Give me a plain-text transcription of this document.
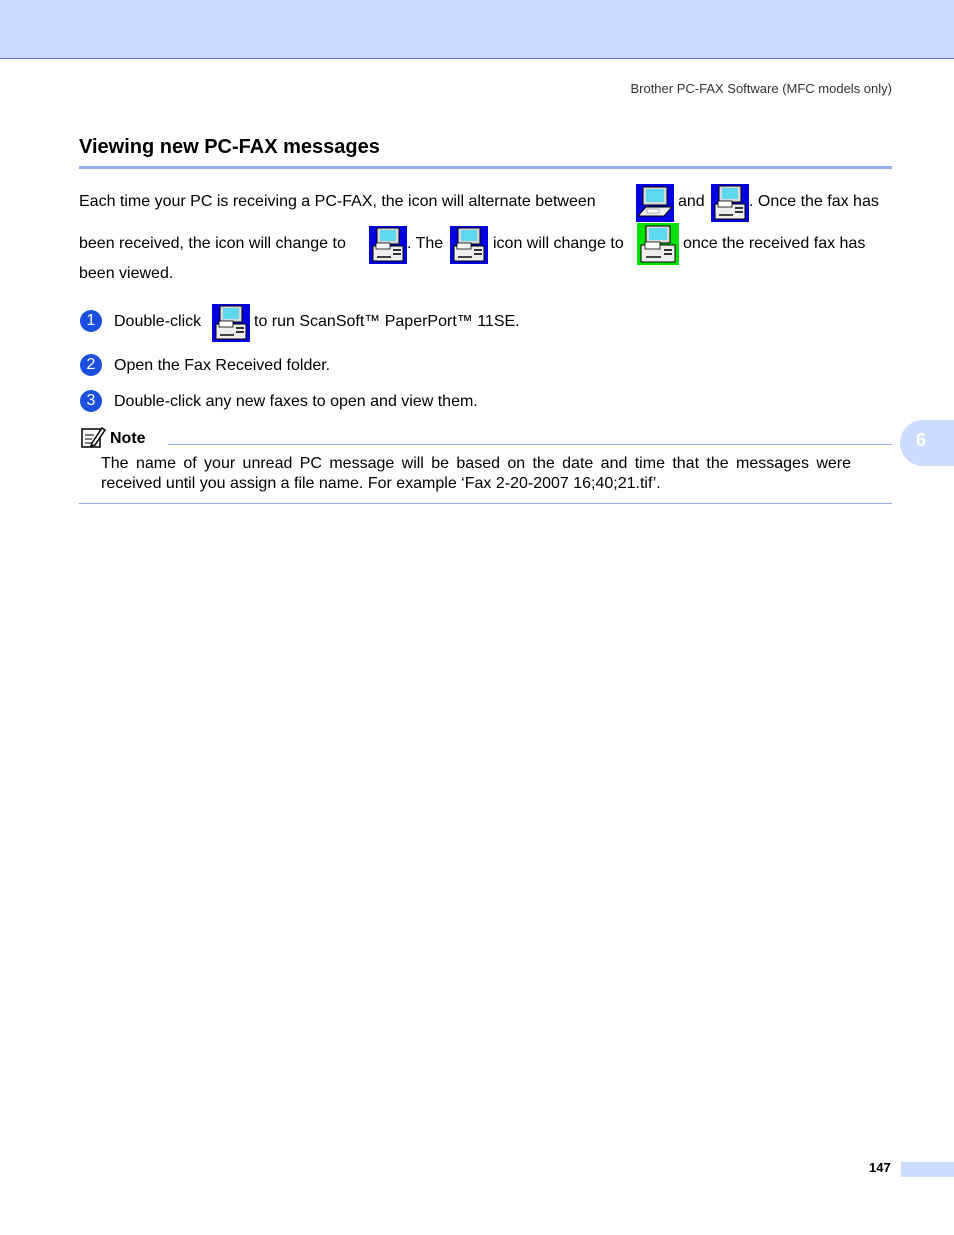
Brother PC-FAX Software (MFC models only)
Viewing new PC-FAX messages
Each time your PC is receiving a PC-FAX, the icon will alternate between	and	. Once the fax has
been received, the icon will change to	. The	icon will change to	once the received fax has
been viewed.
1	Double-click	to run ScanSoft™ PaperPort™ 11SE.
2	Open the Fax Received folder.
3	Double-click any new faxes to open and view them.
6
Note
The name of your unread PC message will be based on the date and time that the messages were received until you assign a file name. For example ‘Fax 2-20-2007 16;40;21.tif’.
147
